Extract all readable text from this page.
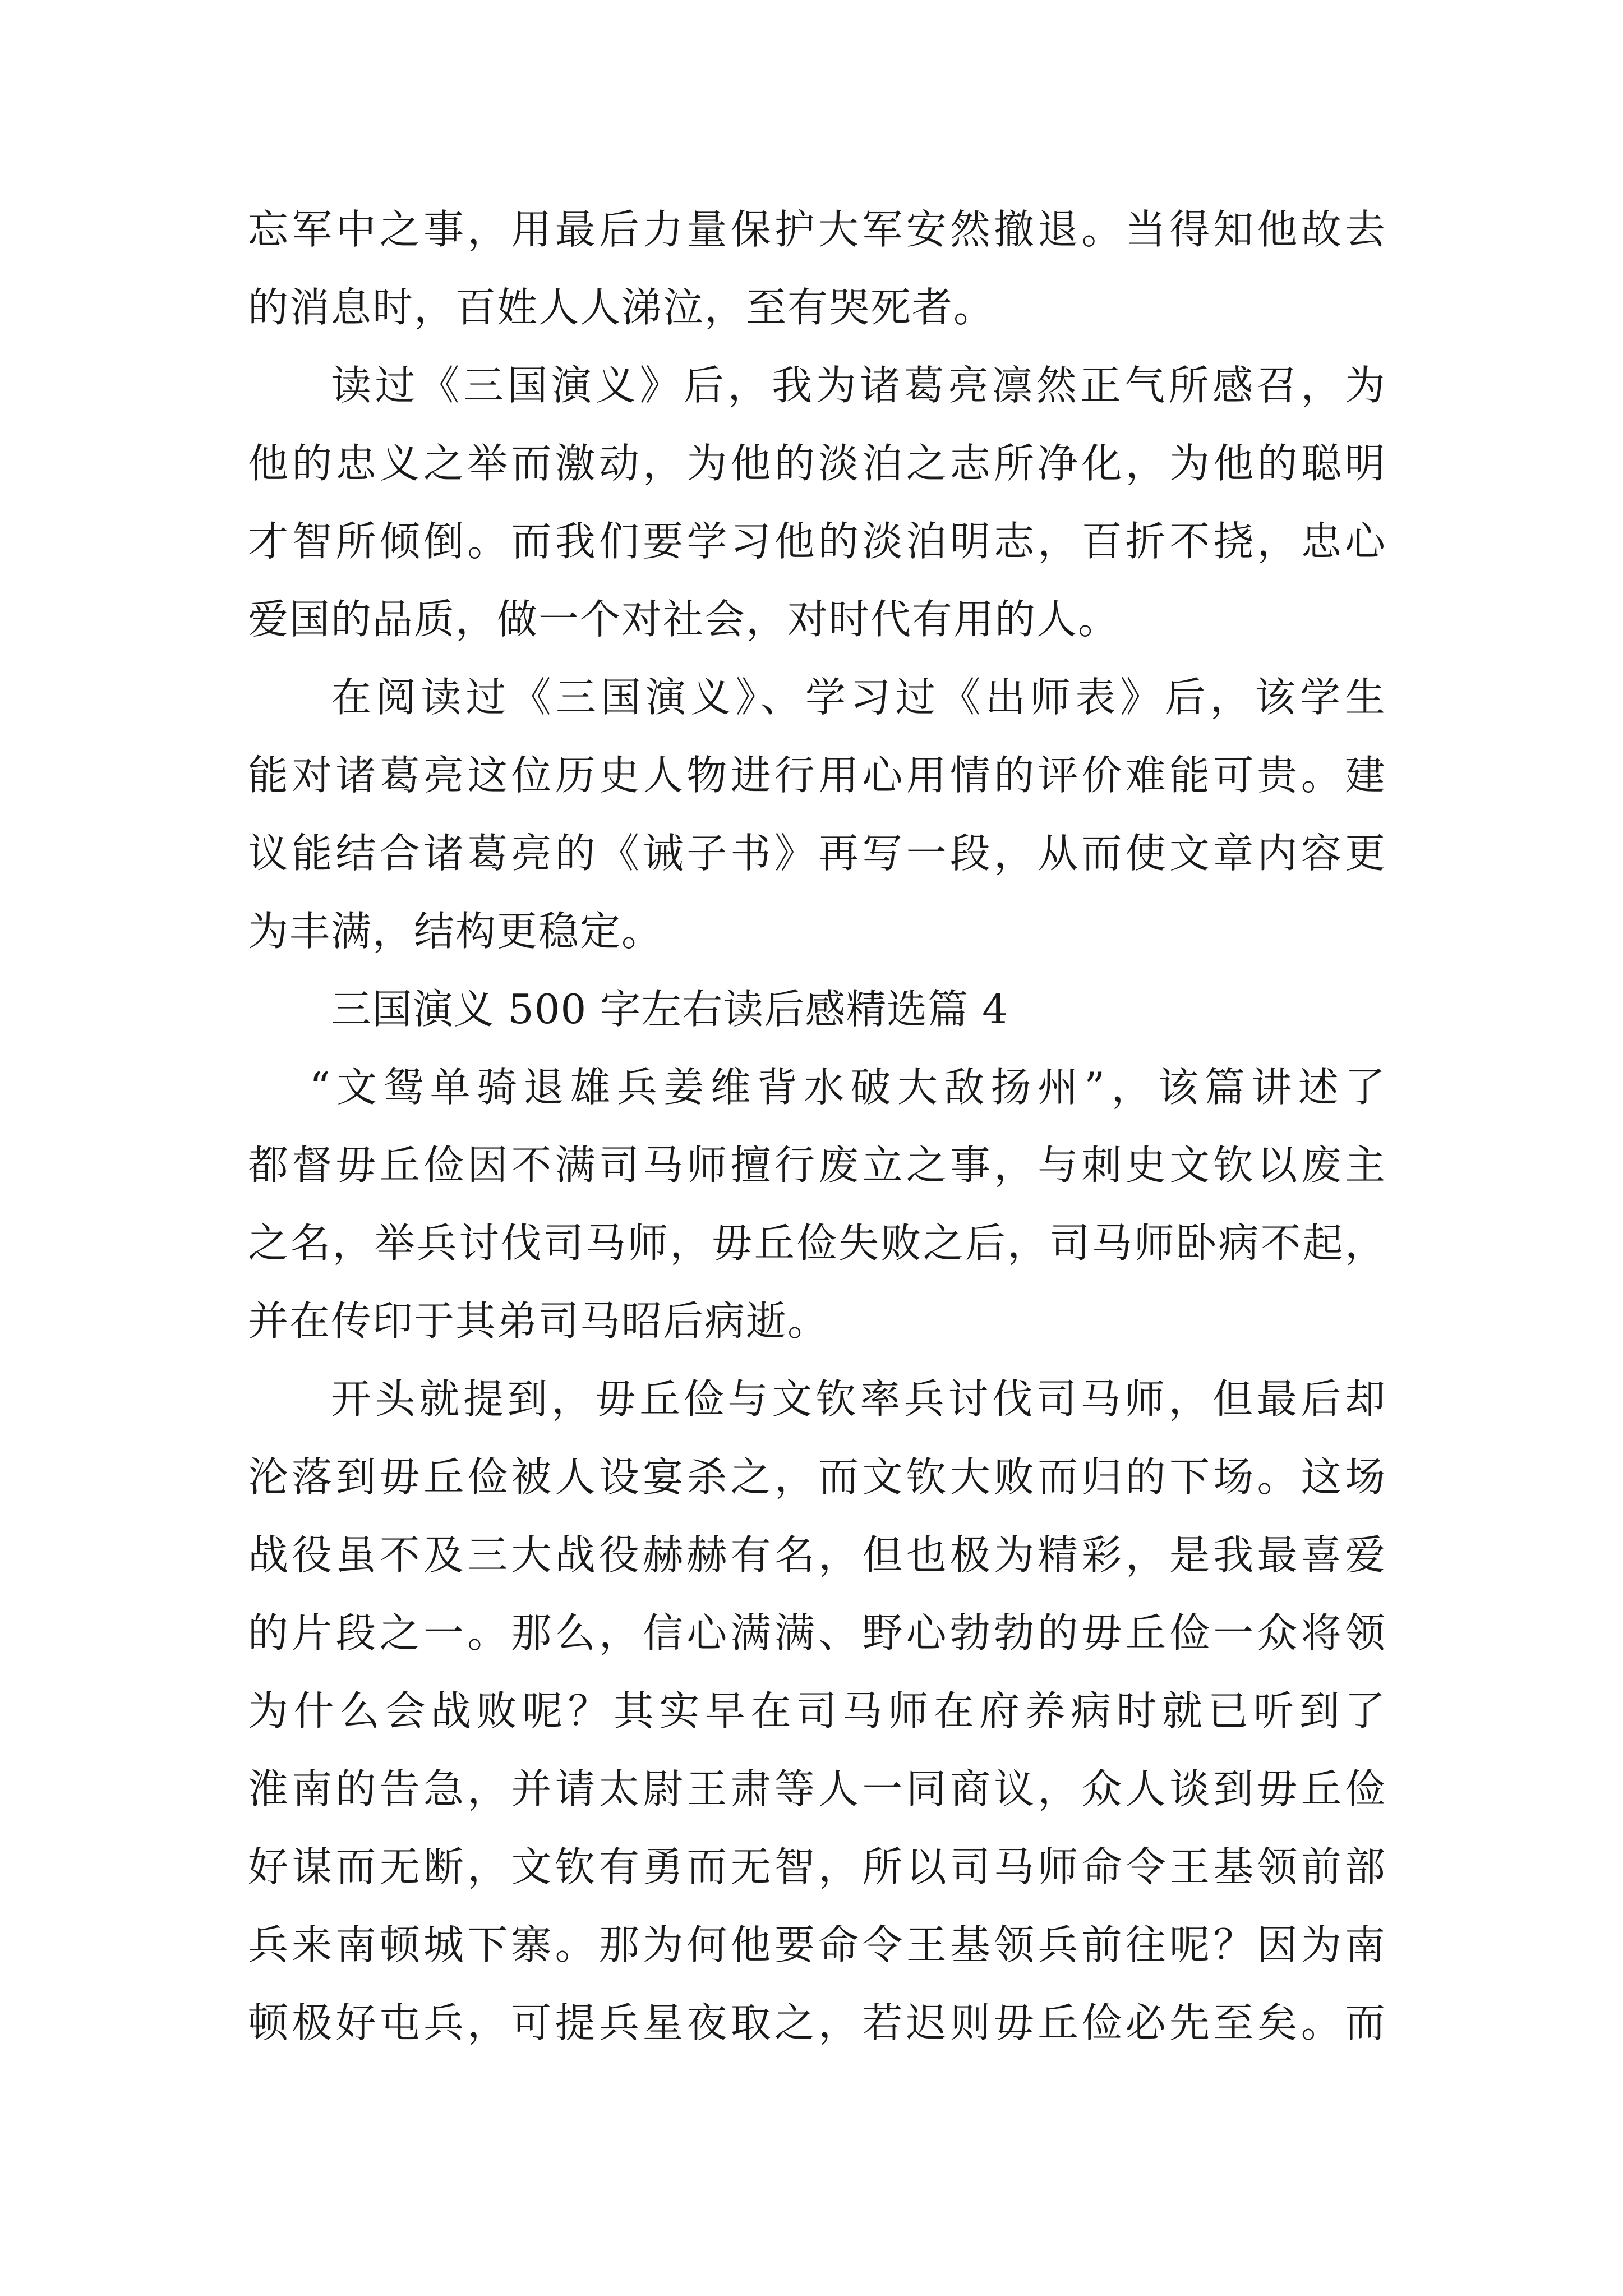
忘军中之事，用最后力量保护大军安然撤退。当得知他故去
的消息时，百姓人人涕泣，至有哭死者。
读过《三国演义》后，我为诸葛亮凛然正气所感召，为
他的忠义之举而激动，为他的淡泊之志所净化，为他的聪明
才智所倾倒。而我们要学习他的淡泊明志，百折不挠，忠心
爱国的品质，做一个对社会，对时代有用的人。
在阅读过《三国演义》、学习过《出师表》后，该学生
能对诸葛亮这位历史人物进行用心用情的评价难能可贵。建
议能结合诸葛亮的《诫子书》再写一段，从而使文章内容更
为丰满，结构更稳定。
三国演义 500 字左右读后感精选篇 4
“文鸳单骑退雄兵姜维背水破大敌扬州”，该篇讲述了
都督毋丘俭因不满司马师擅行废立之事，与刺史文钦以废主
之名，举兵讨伐司马师，毋丘俭失败之后，司马师卧病不起，
并在传印于其弟司马昭后病逝。
开头就提到，毋丘俭与文钦率兵讨伐司马师，但最后却
沦落到毋丘俭被人设宴杀之，而文钦大败而归的下场。这场
战役虽不及三大战役赫赫有名，但也极为精彩，是我最喜爱
的片段之一。那么，信心满满、野心勃勃的毋丘俭一众将领
为什么会战败呢？其实早在司马师在府养病时就已听到了
淮南的告急，并请太尉王肃等人一同商议，众人谈到毋丘俭
好谋而无断，文钦有勇而无智，所以司马师命令王基领前部
兵来南顿城下寨。那为何他要命令王基领兵前往呢？因为南
顿极好屯兵，可提兵星夜取之，若迟则毋丘俭必先至矣。而
